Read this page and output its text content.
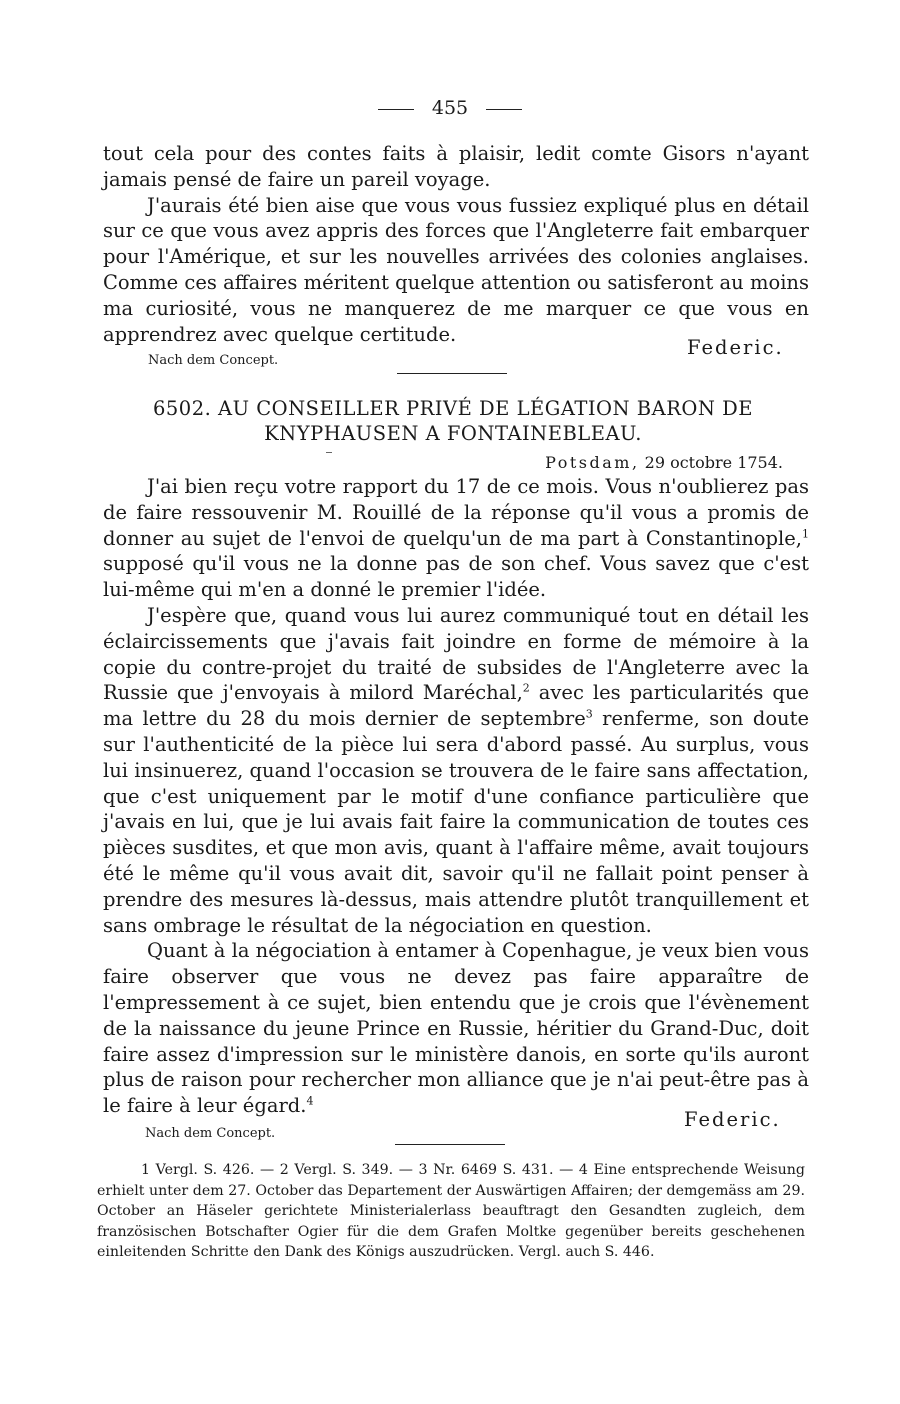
455

tout cela pour des contes faits à plaisir, ledit comte Gisors n'ayant jamais pensé de faire un pareil voyage.

J'aurais été bien aise que vous vous fussiez expliqué plus en détail sur ce que vous avez appris des forces que l'Angleterre fait embarquer pour l'Amérique, et sur les nouvelles arrivées des colonies anglaises. Comme ces affaires méritent quelque attention ou satisferont au moins ma curiosité, vous ne manquerez de me marquer ce que vous en apprendrez avec quelque certitude.

Federic.
Nach dem Concept.
6502. AU CONSEILLER PRIVÉ DE LÉGATION BARON DE
KNYPHAUSEN A FONTAINEBLEAU.
Potsdam, 29 octobre 1754.

J'ai bien reçu votre rapport du 17 de ce mois. Vous n'oublierez pas de faire ressouvenir M. Rouillé de la réponse qu'il vous a promis de donner au sujet de l'envoi de quelqu'un de ma part à Constantinople,$^1$ supposé qu'il vous ne la donne pas de son chef. Vous savez que c'est lui-même qui m'en a donné le premier l'idée.

J'espère que, quand vous lui aurez communiqué tout en détail les éclaircissements que j'avais fait joindre en forme de mémoire à la copie du contre-projet du traité de subsides de l'Angleterre avec la Russie que j'envoyais à milord Maréchal,$^2$ avec les particularités que ma lettre du 28 du mois dernier de septembre$^3$ renferme, son doute sur l'authenticité de la pièce lui sera d'abord passé. Au surplus, vous lui insinuerez, quand l'occasion se trouvera de le faire sans affectation, que c'est uniquement par le motif d'une confiance particulière que j'avais en lui, que je lui avais fait faire la communication de toutes ces pièces susdites, et que mon avis, quant à l'affaire même, avait toujours été le même qu'il vous avait dit, savoir qu'il ne fallait point penser à prendre des mesures là-dessus, mais attendre plutôt tranquillement et sans ombrage le résultat de la négociation en question.

Quant à la négociation à entamer à Copenhague, je veux bien vous faire observer que vous ne devez pas faire apparaître de l'empressement à ce sujet, bien entendu que je crois que l'évènement de la naissance du jeune Prince en Russie, héritier du Grand-Duc, doit faire assez d'impression sur le ministère danois, en sorte qu'ils auront plus de raison pour rechercher mon alliance que je n'ai peut-être pas à le faire à leur égard.$^4$

Federic.
Nach dem Concept.

1 Vergl. S. 426. — 2 Vergl. S. 349. — 3 Nr. 6469 S. 431. — 4 Eine entsprechende Weisung erhielt unter dem 27. October das Departement der Auswärtigen Affairen; der demgemäss am 29. October an Häseler gerichtete Ministerialerlass beauftragt den Gesandten zugleich, dem französischen Botschafter Ogier für die dem Grafen Moltke gegenüber bereits geschehenen einleitenden Schritte den Dank des Königs auszudrücken. Vergl. auch S. 446.
